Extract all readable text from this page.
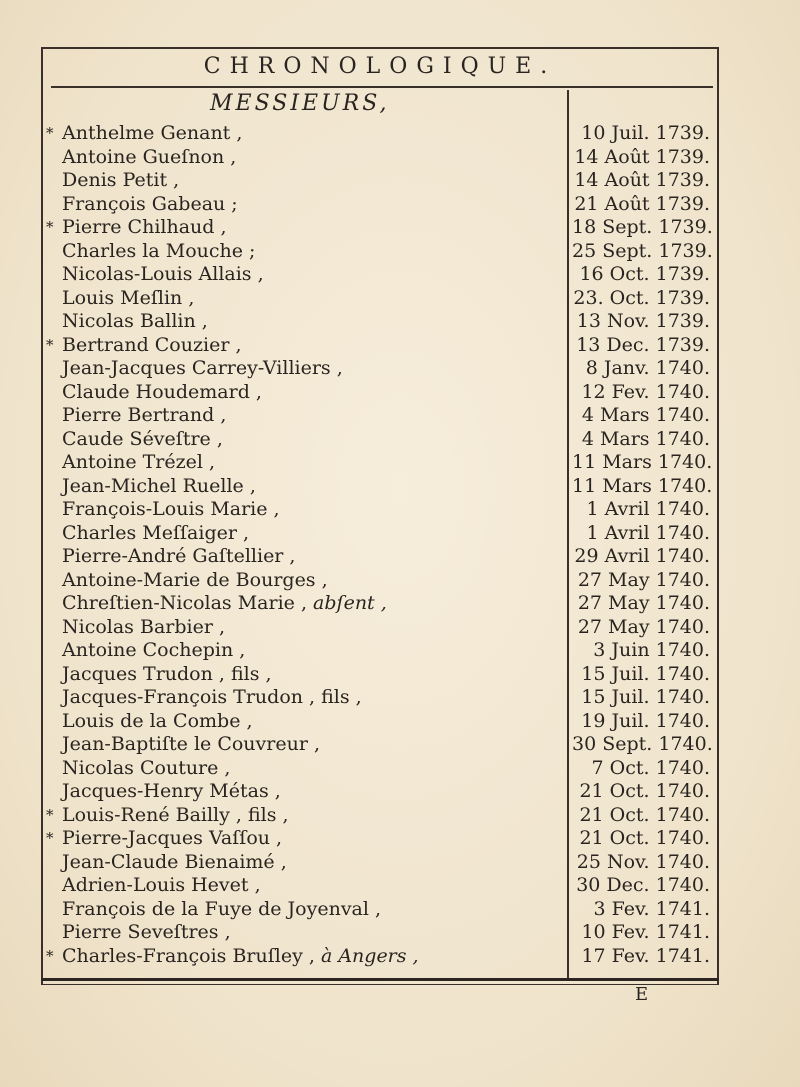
CHRONOLOGIQUE.
MESSIEURS,
* Anthelme Genant ,	10 Juil. 1739.
Antoine Gueſnon ,	14 Août 1739.
Denis Petit ,	14 Août 1739.
François Gabeau ;	21 Août 1739.
* Pierre Chilhaud ,	18 Sept. 1739.
Charles la Mouche ;	25 Sept. 1739.
Nicolas-Louis Allais ,	16 Oct. 1739.
Louis Meſlin ,	23. Oct. 1739.
Nicolas Ballin ,	13 Nov. 1739.
* Bertrand Couzier ,	13 Dec. 1739.
Jean-Jacques Carrey-Villiers ,	8 Janv. 1740.
Claude Houdemard ,	12 Fev. 1740.
Pierre Bertrand ,	4 Mars 1740.
Caude Séveſtre ,	4 Mars 1740.
Antoine Trézel ,	11 Mars 1740.
Jean-Michel Ruelle ,	11 Mars 1740.
François-Louis Marie ,	1 Avril 1740.
Charles Meſſaiger ,	1 Avril 1740.
Pierre-André Gaſtellier ,	29 Avril 1740.
Antoine-Marie de Bourges ,	27 May 1740.
Chreſtien-Nicolas Marie , abſent ,	27 May 1740.
Nicolas Barbier ,	27 May 1740.
Antoine Cochepin ,	3 Juin 1740.
Jacques Trudon , fils ,	15 Juil. 1740.
Jacques-François Trudon , fils ,	15 Juil. 1740.
Louis de la Combe ,	19 Juil. 1740.
Jean-Baptiſte le Couvreur ,	30 Sept. 1740.
Nicolas Couture ,	7 Oct. 1740.
Jacques-Henry Métas ,	21 Oct. 1740.
* Louis-René Bailly , fils ,	21 Oct. 1740.
* Pierre-Jacques Vaſſou ,	21 Oct. 1740.
Jean-Claude Bienaimé ,	25 Nov. 1740.
Adrien-Louis Hevet ,	30 Dec. 1740.
François de la Fuye de Joyenval ,	3 Fev. 1741.
Pierre Seveſtres ,	10 Fev. 1741.
* Charles-François Bruſley , à Angers ,	17 Fev. 1741.
E
